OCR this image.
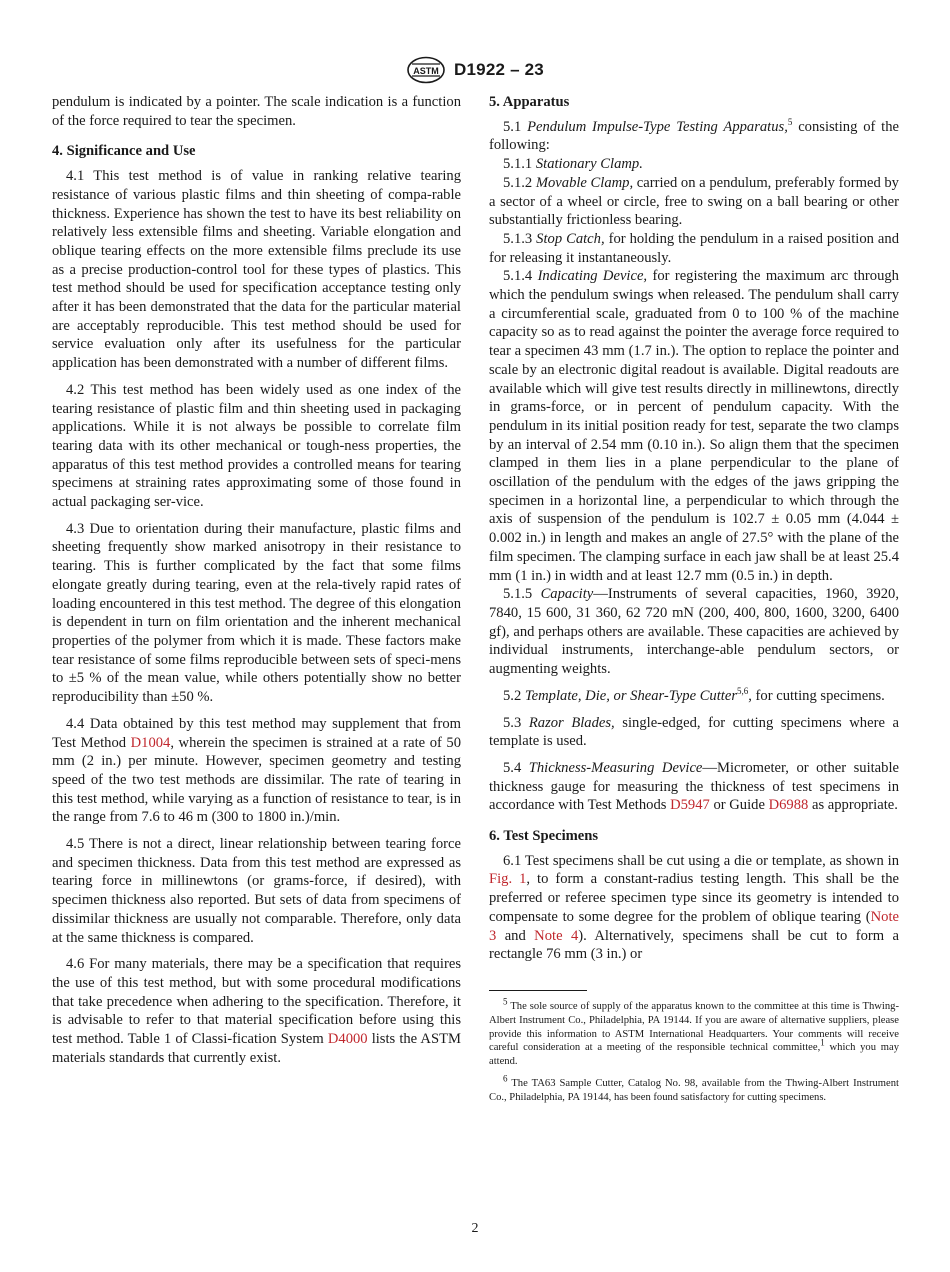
ASTM D1922 – 23

pendulum is indicated by a pointer. The scale indication is a function of the force required to tear the specimen.

4. Significance and Use

4.1 This test method is of value in ranking relative tearing resistance of various plastic films and thin sheeting of compa-rable thickness. Experience has shown the test to have its best reliability on relatively less extensible films and sheeting. Variable elongation and oblique tearing effects on the more extensible films preclude its use as a precise production-control tool for these types of plastics. This test method should be used for specification acceptance testing only after it has been demonstrated that the data for the particular material are acceptably reproducible. This test method should be used for service evaluation only after its usefulness for the particular application has been demonstrated with a number of different films.

4.2 This test method has been widely used as one index of the tearing resistance of plastic film and thin sheeting used in packaging applications. While it is not always be possible to correlate film tearing data with its other mechanical or tough-ness properties, the apparatus of this test method provides a controlled means for tearing specimens at straining rates approximating some of those found in actual packaging ser-vice.

4.3 Due to orientation during their manufacture, plastic films and sheeting frequently show marked anisotropy in their resistance to tearing. This is further complicated by the fact that some films elongate greatly during tearing, even at the rela-tively rapid rates of loading encountered in this test method. The degree of this elongation is dependent in turn on film orientation and the inherent mechanical properties of the polymer from which it is made. These factors make tear resistance of some films reproducible between sets of speci-mens to ±5 % of the mean value, while others potentially show no better reproducibility than ±50 %.

4.4 Data obtained by this test method may supplement that from Test Method D1004, wherein the specimen is strained at a rate of 50 mm (2 in.) per minute. However, specimen geometry and testing speed of the two test methods are dissimilar. The rate of tearing in this test method, while varying as a function of resistance to tear, is in the range from 7.6 to 46 m (300 to 1800 in.)/min.

4.5 There is not a direct, linear relationship between tearing force and specimen thickness. Data from this test method are expressed as tearing force in millinewtons (or grams-force, if desired), with specimen thickness also reported. But sets of data from specimens of dissimilar thickness are usually not comparable. Therefore, only data at the same thickness is compared.

4.6 For many materials, there may be a specification that requires the use of this test method, but with some procedural modifications that take precedence when adhering to the specification. Therefore, it is advisable to refer to that material specification before using this test method. Table 1 of Classi-fication System D4000 lists the ASTM materials standards that currently exist.

5. Apparatus

5.1 Pendulum Impulse-Type Testing Apparatus,$^5$ consisting of the following:

5.1.1 Stationary Clamp.

5.1.2 Movable Clamp, carried on a pendulum, preferably formed by a sector of a wheel or circle, free to swing on a ball bearing or other substantially frictionless bearing.

5.1.3 Stop Catch, for holding the pendulum in a raised position and for releasing it instantaneously.

5.1.4 Indicating Device, for registering the maximum arc through which the pendulum swings when released. The pendulum shall carry a circumferential scale, graduated from 0 to 100 % of the machine capacity so as to read against the pointer the average force required to tear a specimen 43 mm (1.7 in.). The option to replace the pointer and scale by an electronic digital readout is available. Digital readouts are available which will give test results directly in millinewtons, directly in grams-force, or in percent of pendulum capacity. With the pendulum in its initial position ready for test, separate the two clamps by an interval of 2.54 mm (0.10 in.). So align them that the specimen clamped in them lies in a plane perpendicular to the plane of oscillation of the pendulum with the edges of the jaws gripping the specimen in a horizontal line, a perpendicular to which through the axis of suspension of the pendulum is 102.7 ± 0.05 mm (4.044 ± 0.002 in.) in length and makes an angle of 27.5° with the plane of the film specimen. The clamping surface in each jaw shall be at least 25.4 mm (1 in.) in width and at least 12.7 mm (0.5 in.) in depth.

5.1.5 Capacity—Instruments of several capacities, 1960, 3920, 7840, 15 600, 31 360, 62 720 mN (200, 400, 800, 1600, 3200, 6400 gf), and perhaps others are available. These capacities are achieved by individual instruments, interchange-able pendulum sectors, or augmenting weights.

5.2 Template, Die, or Shear-Type Cutter$^{5,6}$, for cutting specimens.

5.3 Razor Blades, single-edged, for cutting specimens where a template is used.

5.4 Thickness-Measuring Device—Micrometer, or other suitable thickness gauge for measuring the thickness of test specimens in accordance with Test Methods D5947 or Guide D6988 as appropriate.

6. Test Specimens

6.1 Test specimens shall be cut using a die or template, as shown in Fig. 1, to form a constant-radius testing length. This shall be the preferred or referee specimen type since its geometry is intended to compensate to some degree for the problem of oblique tearing (Note 3 and Note 4). Alternatively, specimens shall be cut to form a rectangle 76 mm (3 in.) or

$^5$ The sole source of supply of the apparatus known to the committee at this time is Thwing-Albert Instrument Co., Philadelphia, PA 19144. If you are aware of alternative suppliers, please provide this information to ASTM International Headquarters. Your comments will receive careful consideration at a meeting of the responsible technical committee,$^1$ which you may attend.

$^6$ The TA63 Sample Cutter, Catalog No. 98, available from the Thwing-Albert Instrument Co., Philadelphia, PA 19144, has been found satisfactory for cutting specimens.

2
